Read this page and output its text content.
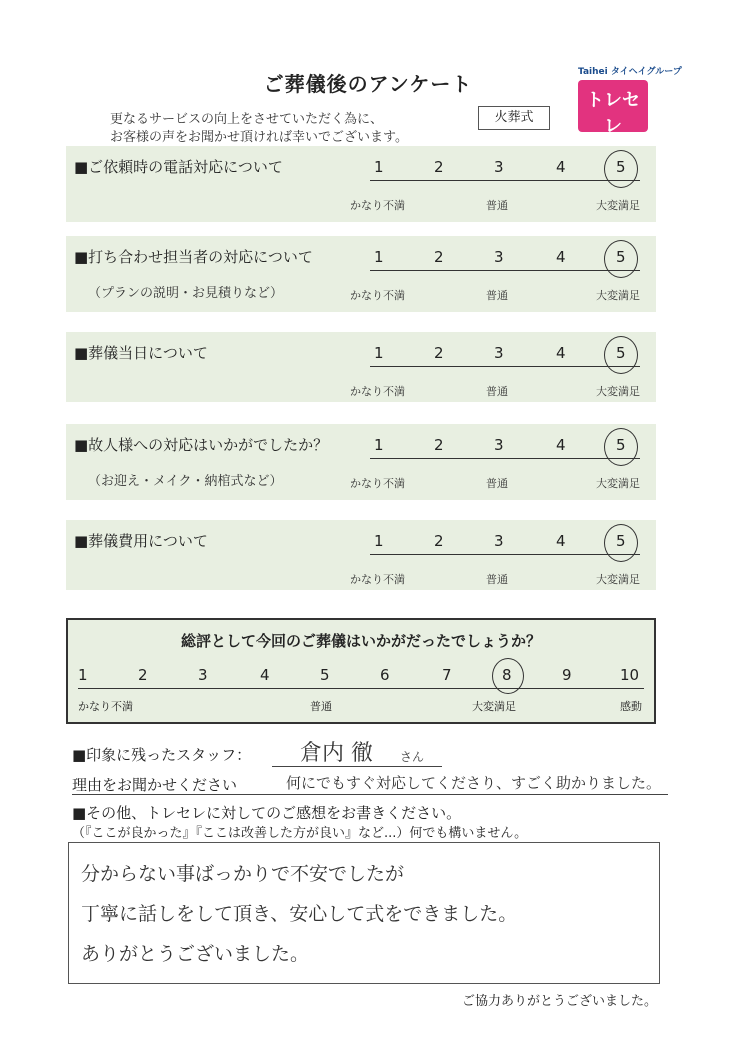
ご葬儀後のアンケート
更なるサービスの向上をさせていただく為に、
お客様の声をお聞かせ頂ければ幸いでございます。
火葬式
Taihei タイヘイグループ
トレセレ
■ご依頼時の電話対応について	1	2	3	4	5
かなり不満	普通	大変満足
■打ち合わせ担当者の対応について
（プランの説明・お見積りなど）
1	2	3	4	5
かなり不満	普通	大変満足
■葬儀当日について	1	2	3	4	5
かなり不満	普通	大変満足
■故人様への対応はいかがでしたか？
（お迎え・メイク・納棺式など）
1	2	3	4	5
かなり不満	普通	大変満足
■葬儀費用について	1	2	3	4	5
かなり不満	普通	大変満足
総評として今回のご葬儀はいかがだったでしょうか？
1	2	3	4	5	6	7	8	9	10
かなり不満	普通	大変満足	感動
■印象に残ったスタッフ： 倉内 徹 さん
理由をお聞かせください	何にでもすぐ対応してくださり、すごく助かりました。
■その他、トレセレに対してのご感想をお書きください。
（『ここが良かった』『ここは改善した方が良い』など...）何でも構いません。
分からない事ばっかりで不安でしたが
丁寧に話しをして頂き、安心して式をできました。
ありがとうございました。
ご協力ありがとうございました。
